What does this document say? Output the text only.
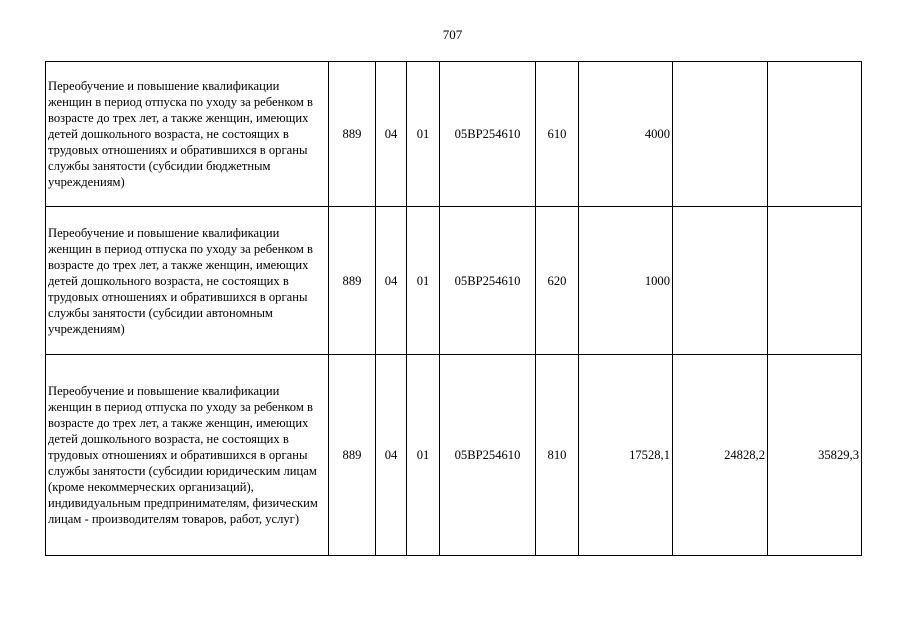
707
Переобучение и повышение квалификации женщин в период отпуска по уходу за ребенком в возрасте до трех лет, а также женщин, имеющих детей дошкольного возраста, не состоящих в трудовых отношениях и обратившихся в органы службы занятости (субсидии бюджетным учреждениям)	889	04	01	05ВР254610	610	4000		
Переобучение и повышение квалификации женщин в период отпуска по уходу за ребенком в возрасте до трех лет, а также женщин, имеющих детей дошкольного возраста, не состоящих в трудовых отношениях и обратившихся в органы службы занятости (субсидии автономным учреждениям)	889	04	01	05ВР254610	620	1000		
Переобучение и повышение квалификации женщин в период отпуска по уходу за ребенком в возрасте до трех лет, а также женщин, имеющих детей дошкольного возраста, не состоящих в трудовых отношениях и обратившихся в органы службы занятости (субсидии юридическим лицам (кроме некоммерческих организаций), индивидуальным предпринимателям, физическим лицам - производителям товаров, работ, услуг)	889	04	01	05ВР254610	810	17528,1	24828,2	35829,3
